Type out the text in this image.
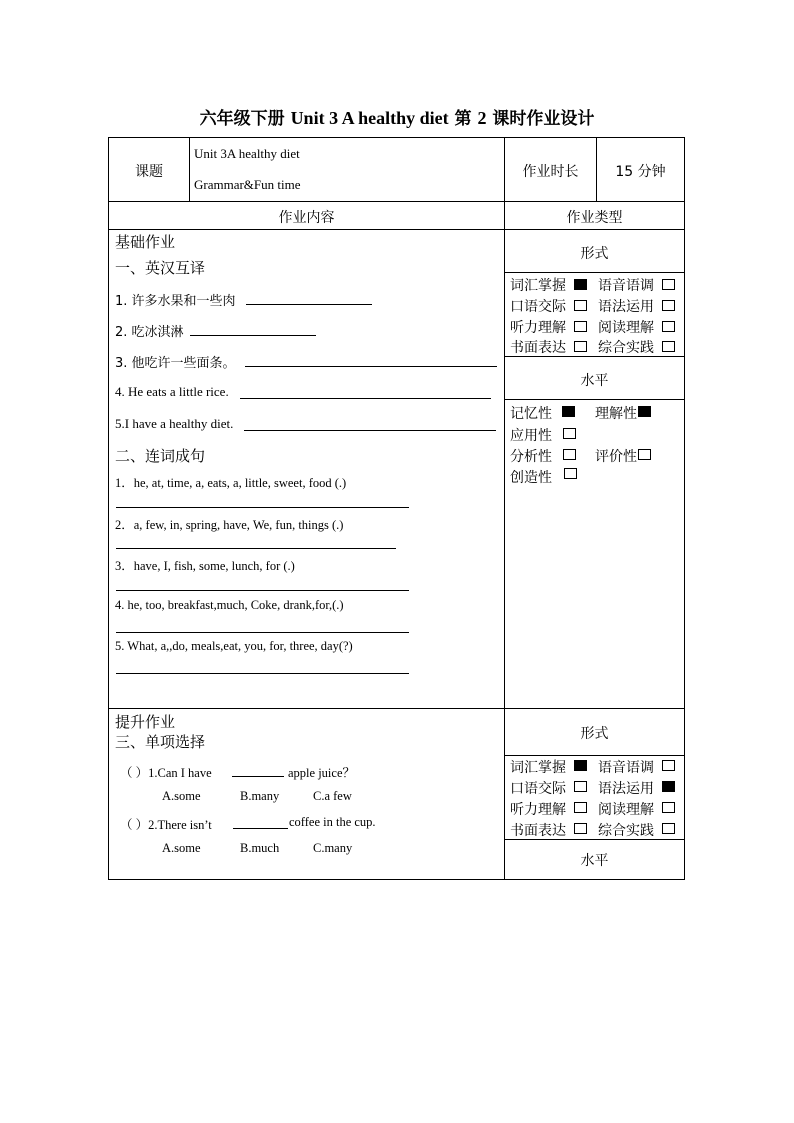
六年级下册 Unit 3 A healthy diet 第 2 课时作业设计
课题
Unit 3A healthy diet
Grammar&Fun time
作业时长	15 分钟
作业内容	作业类型
基础作业
一、英汉互译
1. 许多水果和一些肉
2. 吃冰淇淋
3. 他吃许一些面条。
4. He eats a little rice.
5.I have a healthy diet.
二、连词成句
1．he, at, time, a, eats, a, little, sweet, food (.)
2．a, few, in, spring, have, We, fun, things (.)
3．have, I, fish, some, lunch, for (.)
4. he, too, breakfast,much, Coke, drank,for,(.)
5. What, a,,do, meals,eat, you, for, three, day(?)
形式
词汇掌握 语音语调
口语交际 语法运用
听力理解 阅读理解
书面表达 综合实践
水平
记忆性	理解性
应用性
分析性	评价性
创造性
提升作业
三、单项选择
（ ）1.Can I have	apple juice？
A.some	B.many	C.a few
（ ）2.There isn’t	coffee in the cup.
A.some	B.much	C.many
形式
词汇掌握 语音语调
口语交际 语法运用
听力理解 阅读理解
书面表达 综合实践
水平
